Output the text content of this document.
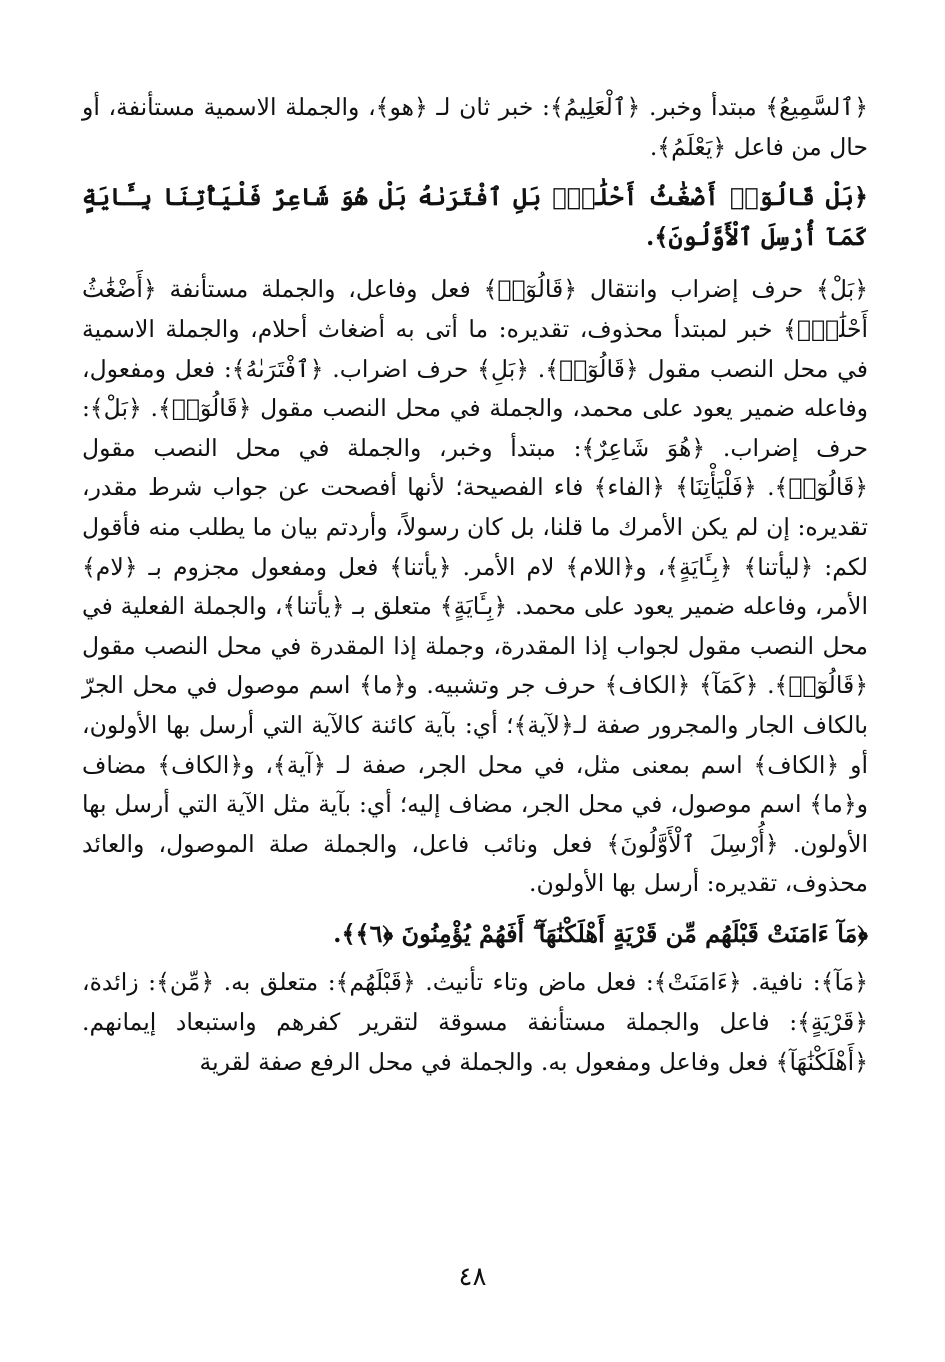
﴿ٱلسَّمِيعُ﴾ مبتدأ وخبر. ﴿ٱلْعَلِيمُ﴾: خبر ثان لـ ﴿هو﴾، والجملة الاسمية مستأنفة، أو حال من فاعل ﴿يَعْلَمُ﴾.

﴿بَلْ قَالُوٓا۟ أَضْغَٰثُ أَحْلَٰمٍۭ بَلِ ٱفْتَرَىٰهُ بَلْ هُوَ شَاعِرٌ فَلْيَأْتِنَا بِـَٔايَةٍ كَمَآ أُرْسِلَ ٱلْأَوَّلُونَ﴾.

﴿بَلْ﴾ حرف إضراب وانتقال ﴿قَالُوٓا۟﴾ فعل وفاعل، والجملة مستأنفة ﴿أَضْغَٰثُ أَحْلَٰمٍۭ﴾ خبر لمبتدأ محذوف، تقديره: ما أتى به أضغاث أحلام، والجملة الاسمية في محل النصب مقول ﴿قَالُوٓا۟﴾. ﴿بَلِ﴾ حرف اضراب. ﴿ٱفْتَرَىٰهُ﴾: فعل ومفعول، وفاعله ضمير يعود على محمد، والجملة في محل النصب مقول ﴿قَالُوٓا۟﴾. ﴿بَلْ﴾: حرف إضراب. ﴿هُوَ شَاعِرٌ﴾: مبتدأ وخبر، والجملة في محل النصب مقول ﴿قَالُوٓا۟﴾. ﴿فَلْيَأْتِنَا﴾ ﴿الفاء﴾ فاء الفصيحة؛ لأنها أفصحت عن جواب شرط مقدر، تقديره: إن لم يكن الأمرك ما قلنا، بل كان رسولاً، وأردتم بيان ما يطلب منه فأقول لكم: ﴿ليأتنا﴾ ﴿بِـَٔايَةٍ﴾، و﴿اللام﴾ لام الأمر. ﴿يأتنا﴾ فعل ومفعول مجزوم بـ ﴿لام﴾ الأمر، وفاعله ضمير يعود على محمد. ﴿بِـَٔايَةٍ﴾ متعلق بـ ﴿يأتنا﴾، والجملة الفعلية في محل النصب مقول لجواب إذا المقدرة، وجملة إذا المقدرة في محل النصب مقول ﴿قَالُوٓا۟﴾. ﴿كَمَآ﴾ ﴿الكاف﴾ حرف جر وتشبيه. و﴿ما﴾ اسم موصول في محل الجرّ بالكاف الجار والمجرور صفة لـ﴿لآية﴾؛ أي: بآية كائنة كالآية التي أرسل بها الأولون، أو ﴿الكاف﴾ اسم بمعنى مثل، في محل الجر، صفة لـ ﴿آية﴾، و﴿الكاف﴾ مضاف و﴿ما﴾ اسم موصول، في محل الجر، مضاف إليه؛ أي: بآية مثل الآية التي أرسل بها الأولون. ﴿أُرْسِلَ ٱلْأَوَّلُونَ﴾ فعل ونائب فاعل، والجملة صلة الموصول، والعائد محذوف، تقديره: أرسل بها الأولون.

﴿مَآ ءَامَنَتْ قَبْلَهُم مِّن قَرْيَةٍ أَهْلَكْنَٰهَآ ۖ أَفَهُمْ يُؤْمِنُونَ ﴿٦﴾﴾.

﴿مَآ﴾: نافية. ﴿ءَامَنَتْ﴾: فعل ماض وتاء تأنيث. ﴿قَبْلَهُم﴾: متعلق به. ﴿مِّن﴾: زائدة، ﴿قَرْيَةٍ﴾: فاعل والجملة مستأنفة مسوقة لتقرير كفرهم واستبعاد إيمانهم. ﴿أَهْلَكْنَٰهَآ﴾ فعل وفاعل ومفعول به. والجملة في محل الرفع صفة لقرية

٤٨
